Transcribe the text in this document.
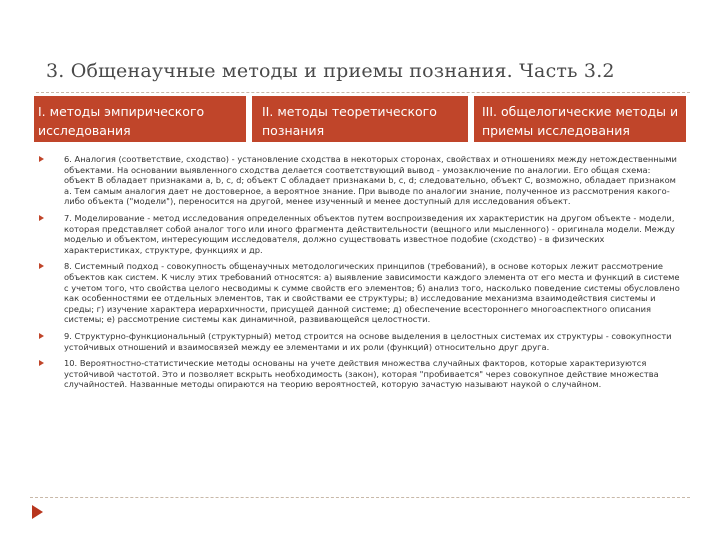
3. Общенаучные методы и приемы познания. Часть 3.2
I. методы эмпирического исследования
II. методы теоретического познания
III. общелогические методы и приемы исследования
6. Аналогия (соответствие, сходство) - установление сходства в некоторых сторонах, свойствах и отношениях между нетождественными объектами. На основании выявленного сходства делается соответствующий вывод - умозаключение по аналогии. Его общая схема: объект В обладает признаками a, b, c, d; объект С обладает признаками b, c, d; следовательно, объект С, возможно, обладает признаком a. Тем самым аналогия дает не достоверное, а вероятное знание. При выводе по аналогии знание, полученное из рассмотрения какого-либо объекта ("модели"), переносится на другой, менее изученный и менее доступный для исследования объект.
7. Моделирование - метод исследования определенных объектов путем воспроизведения их характеристик на другом объекте - модели, которая представляет собой аналог того или иного фрагмента действительности (вещного или мысленного) - оригинала модели. Между моделью и объектом, интересующим исследователя, должно существовать известное подобие (сходство) - в физических характеристиках, структуре, функциях и др.
8. Системный подход - совокупность общенаучных методологических принципов (требований), в основе которых лежит рассмотрение объектов как систем. К числу этих требований относятся: а) выявление зависимости каждого элемента от его места и функций в системе с учетом того, что свойства целого несводимы к сумме свойств его элементов; б) анализ того, насколько поведение системы обусловлено как особенностями ее отдельных элементов, так и свойствами ее структуры; в) исследование механизма взаимодействия системы и среды; г) изучение характера иерархичности, присущей данной системе; д) обеспечение всестороннего многоаспектного описания системы; е) рассмотрение системы как динамичной, развивающейся целостности.
9. Структурно-функциональный (структурный) метод строится на основе выделения в целостных системах их структуры - совокупности устойчивых отношений и взаимосвязей между ее элементами и их роли (функций) относительно друг друга.
10. Вероятностно-статистические методы основаны на учете действия множества случайных факторов, которые характеризуются устойчивой частотой. Это и позволяет вскрыть необходимость (закон), которая "пробивается" через совокупное действие множества случайностей. Названные методы опираются на теорию вероятностей, которую зачастую называют наукой о случайном.
